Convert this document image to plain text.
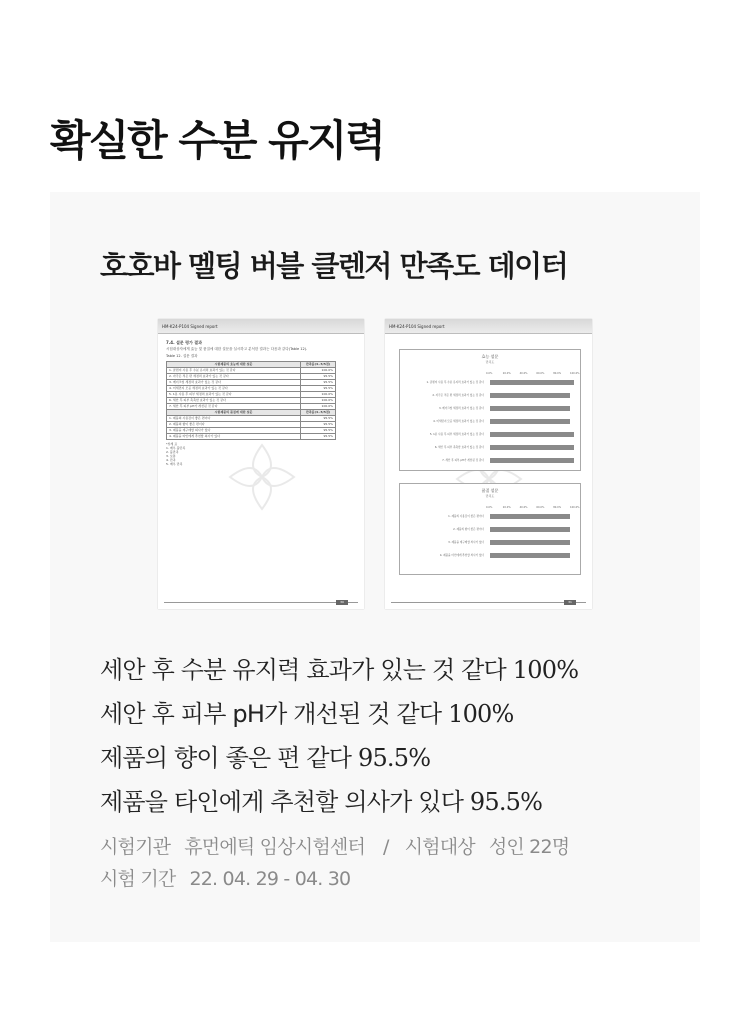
확실한 수분 유지력
호호바 멜팅 버블 클렌저 만족도 데이터
HM-K24-P104 Signed report
7.4. 설문 평가 결과
시험대상자에게 효능 및 품질에 대한 설문을 실시하고 분석한 결과는 다음과 같다(Table 12).
Table 12. 설문 결과
시험제품의 효능에 대한 설문	만족률(4~5/5점)
1. 클렌저 사용 후 수분 유지력 효과가 있는 것 같다	100.0%
2. 자극은 적은 편 세정력 효과가 있는 것 같다	95.5%
3. 메이크업 세정력 효과가 있는 것 같다	95.5%
4. 미세먼지 모공 세정력 효과가 있는 것 같다	95.5%
5. 1분 사용 후 피부 세정력 효과가 있는 것 같다	100.0%
6. 세안 후 피부 촉촉함 효과가 있는 것 같다	100.0%
7. 세안 후 피부 pH가 개선된 것 같다	100.0%
시험제품의 품질에 대한 설문	만족률(4~5/5점)
1. 제품의 사용감이 좋은 편이다	95.5%
2. 제품의 향이 좋은 편이다	95.5%
3. 제품을 재구매할 의사가 있다	95.5%
4. 제품을 타인에게 추천할 의사가 있다	95.5%
*상세 표
1. 매우 불만족
2. 불만족
3. 보통
4. 만족
5. 매우 만족
30
HM-K24-P104 Signed report
효능 설문
만족도
0.0%	20.0%	40.0%	60.0%	80.0%	100.0%
1. 클렌저 사용 후 수분 유지력 효과가 있는 것 같다
2. 자극은 적은 편 세정력 효과가 있는 것 같다
3. 메이크업 세정력 효과가 있는 것 같다
4. 미세먼지 모공 세정력 효과가 있는 것 같다
5. 1분 사용 후 피부 세정력 효과가 있는 것 같다
6. 세안 후 피부 촉촉함 효과가 있는 것 같다
7. 세안 후 피부 pH가 개선된 것 같다
품질 설문
만족도
0.0%	20.0%	40.0%	60.0%	80.0%	100.0%
1. 제품의 사용감이 좋은 편이다
2. 제품의 향이 좋은 편이다
3. 제품을 재구매할 의사가 있다
4. 제품을 타인에게 추천할 의사가 있다
31

세안 후 수분 유지력 효과가 있는 것 같다 100%

세안 후 피부 pH가 개선된 것 같다 100%

제품의 향이 좋은 편 같다 95.5%

제품을 타인에게 추천할 의사가 있다 95.5%

시험기관 휴먼에틱 임상시험센터 / 시험대상 성인 22명
시험 기간 22. 04. 29 - 04. 30
